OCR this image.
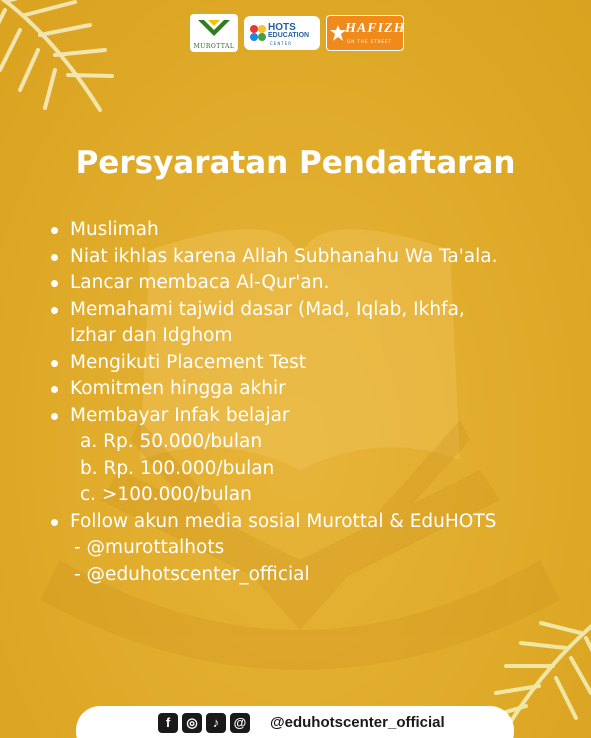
MUROTTAL
HOTS
EDUCATION
CENTER
HAFIZH
ON THE STREET
Persyaratan Pendaftaran
Muslimah
Niat ikhlas karena Allah Subhanahu Wa Ta'ala.
Lancar membaca Al-Qur'an.
Memahami tajwid dasar (Mad, Iqlab, Ikhfa,
Izhar dan Idghom
Mengikuti Placement Test
Komitmen hingga akhir
Membayar Infak belajar
a. Rp. 50.000/bulan
b. Rp. 100.000/bulan
c. >100.000/bulan
Follow akun media sosial Murottal & EduHOTS
- @murottalhots
- @eduhotscenter_official
f	◎	♪	@ @eduhotscenter_official
